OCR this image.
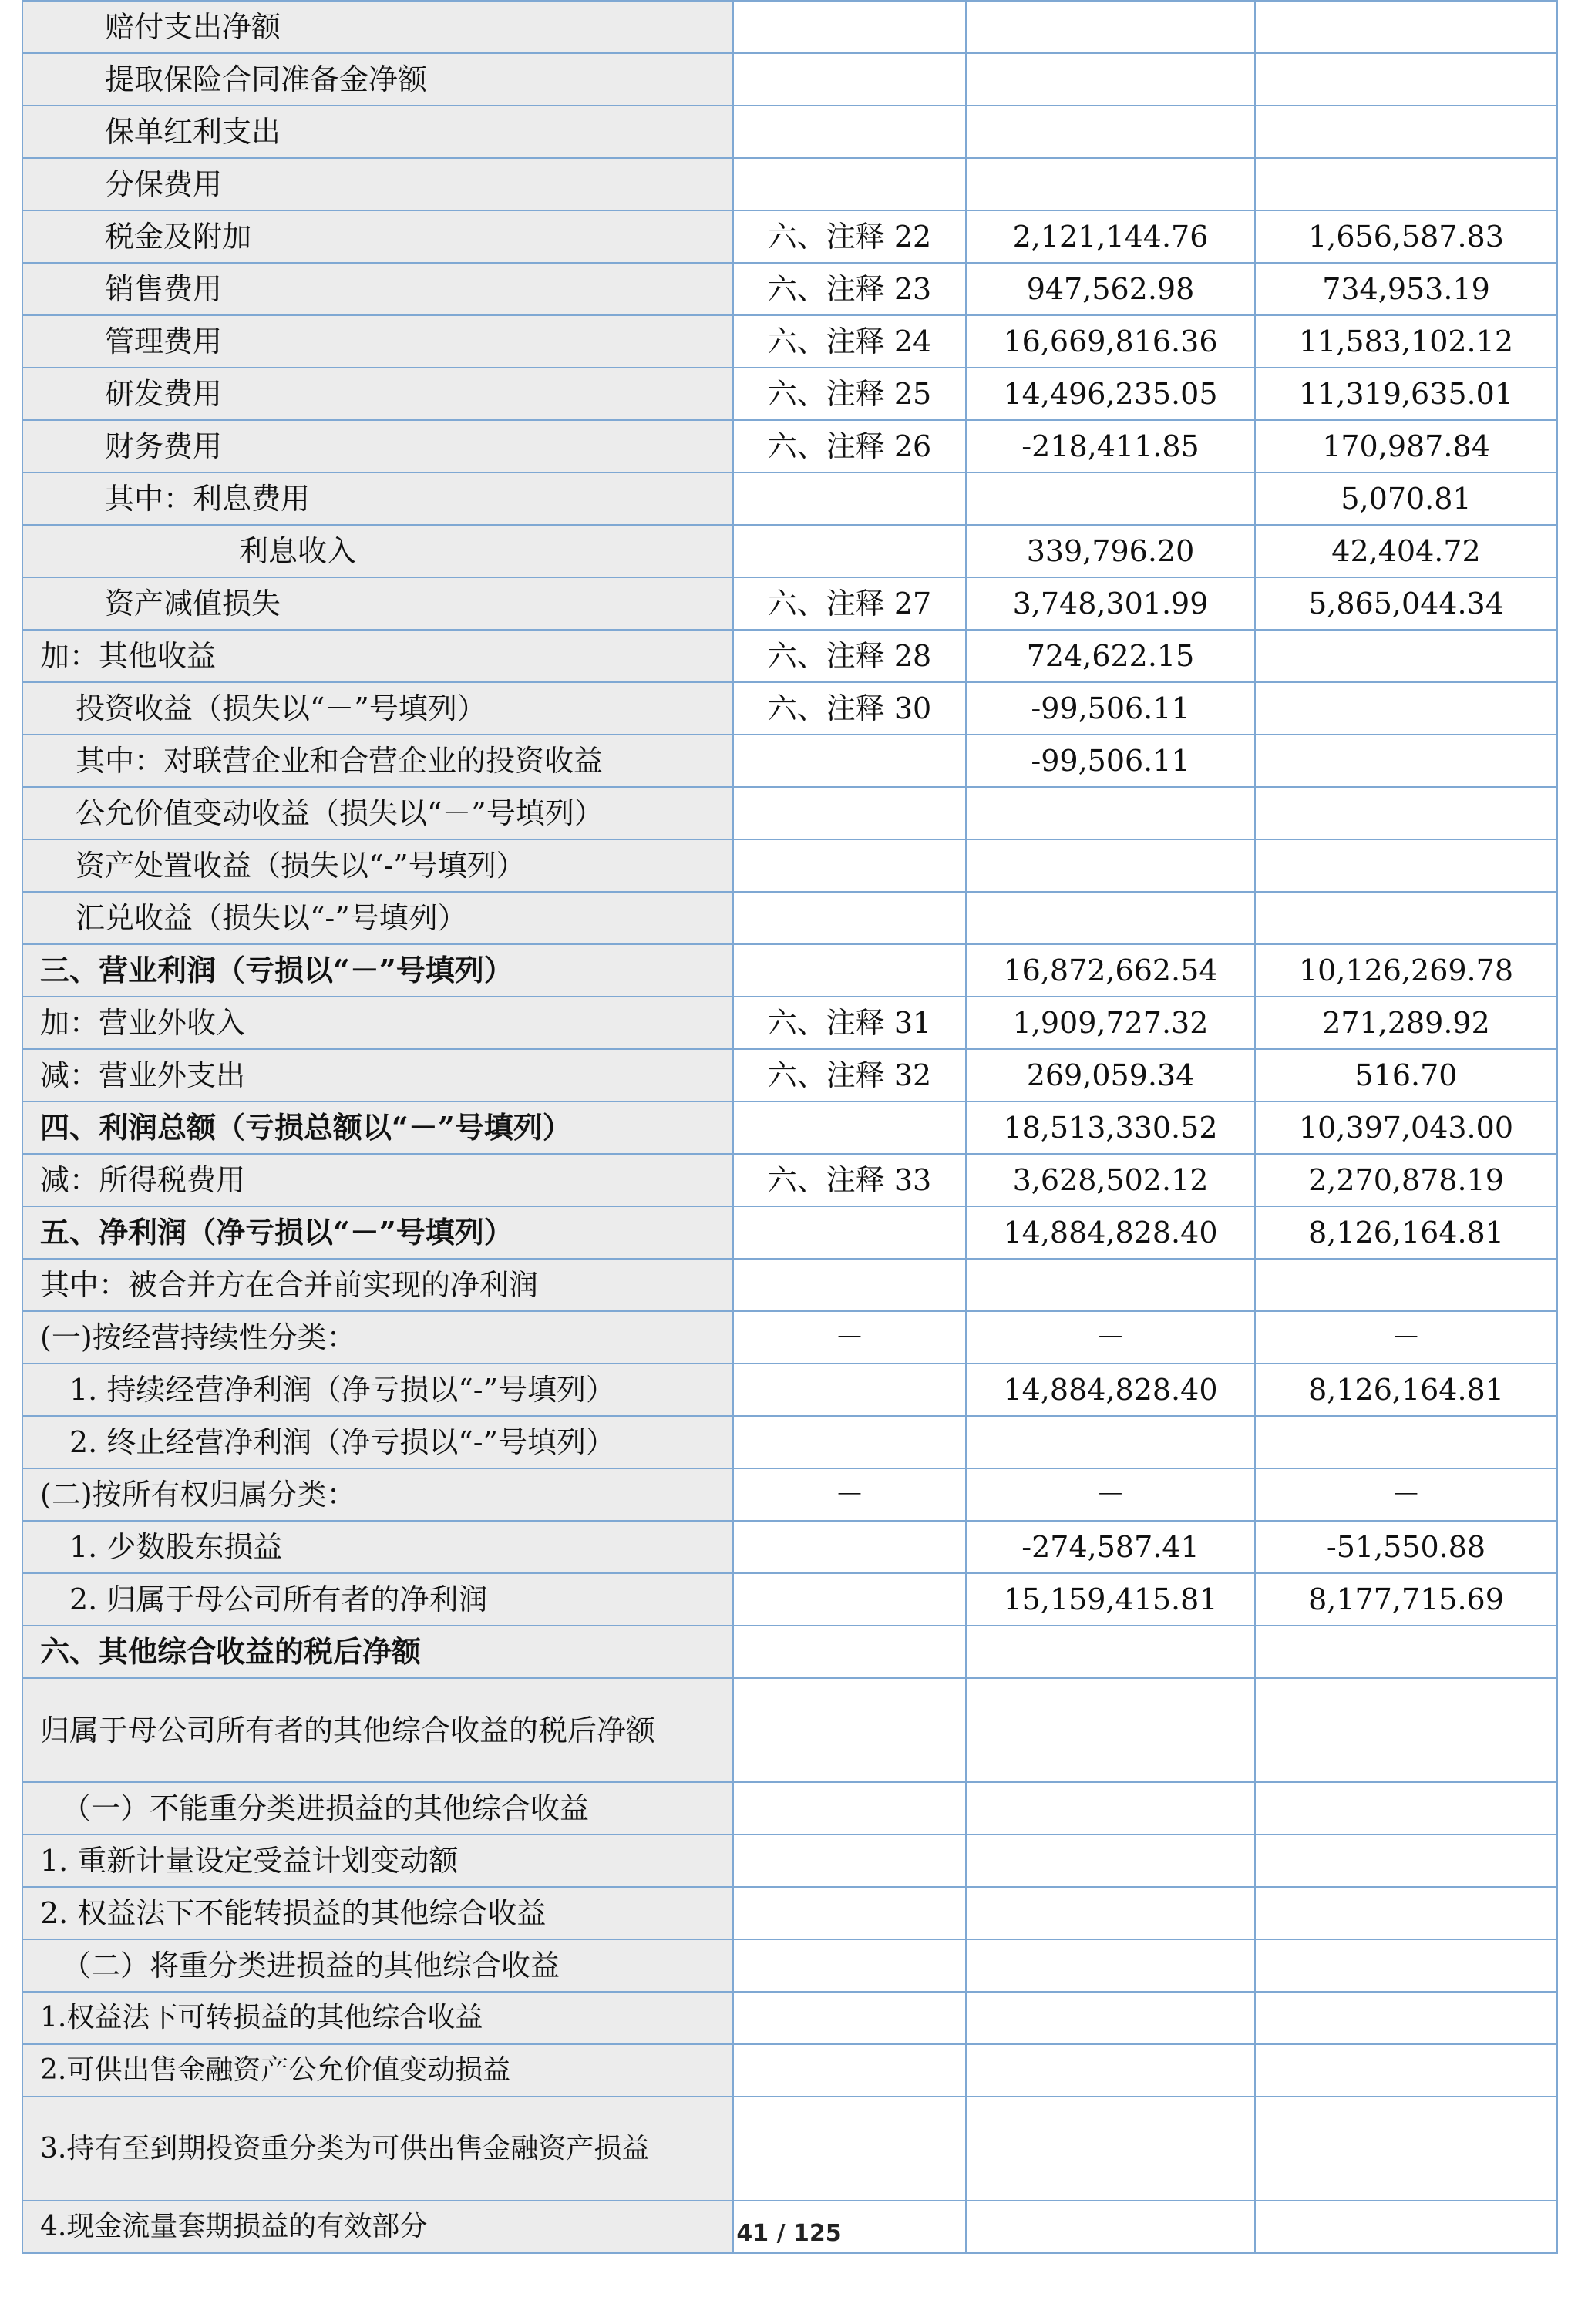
赔付支出净额			

提取保险合同准备金净额			

保单红利支出			

分保费用			

税金及附加	六、注释 22	2,121,144.76	1,656,587.83

销售费用	六、注释 23	947,562.98	734,953.19

管理费用	六、注释 24	16,669,816.36	11,583,102.12

研发费用	六、注释 25	14,496,235.05	11,319,635.01

财务费用	六、注释 26	-218,411.85	170,987.84

其中：利息费用			5,070.81

利息收入		339,796.20	42,404.72

资产减值损失	六、注释 27	3,748,301.99	5,865,044.34

加：其他收益	六、注释 28	724,622.15	

投资收益（损失以“－”号填列）	六、注释 30	-99,506.11	

其中：对联营企业和合营企业的投资收益		-99,506.11	

公允价值变动收益（损失以“－”号填列）			

资产处置收益（损失以“-”号填列）			

汇兑收益（损失以“-”号填列）			

三、营业利润（亏损以“－”号填列）		16,872,662.54	10,126,269.78

加：营业外收入	六、注释 31	1,909,727.32	271,289.92

减：营业外支出	六、注释 32	269,059.34	516.70

四、利润总额（亏损总额以“－”号填列）		18,513,330.52	10,397,043.00

减：所得税费用	六、注释 33	3,628,502.12	2,270,878.19

五、净利润（净亏损以“－”号填列）		14,884,828.40	8,126,164.81

其中：被合并方在合并前实现的净利润			

(一)按经营持续性分类：	－	－	－

1. 持续经营净利润（净亏损以“-”号填列）		14,884,828.40	8,126,164.81

2. 终止经营净利润（净亏损以“-”号填列）			

(二)按所有权归属分类：	－	－	－

1. 少数股东损益		-274,587.41	-51,550.88

2. 归属于母公司所有者的净利润		15,159,415.81	8,177,715.69

六、其他综合收益的税后净额			

归属于母公司所有者的其他综合收益的税后净额			

（一）不能重分类进损益的其他综合收益			

1. 重新计量设定受益计划变动额			

2. 权益法下不能转损益的其他综合收益			

（二）将重分类进损益的其他综合收益			

1.权益法下可转损益的其他综合收益			

2.可供出售金融资产公允价值变动损益			

3.持有至到期投资重分类为可供出售金融资产损益			

4.现金流量套期损益的有效部分			
				41 / 125
